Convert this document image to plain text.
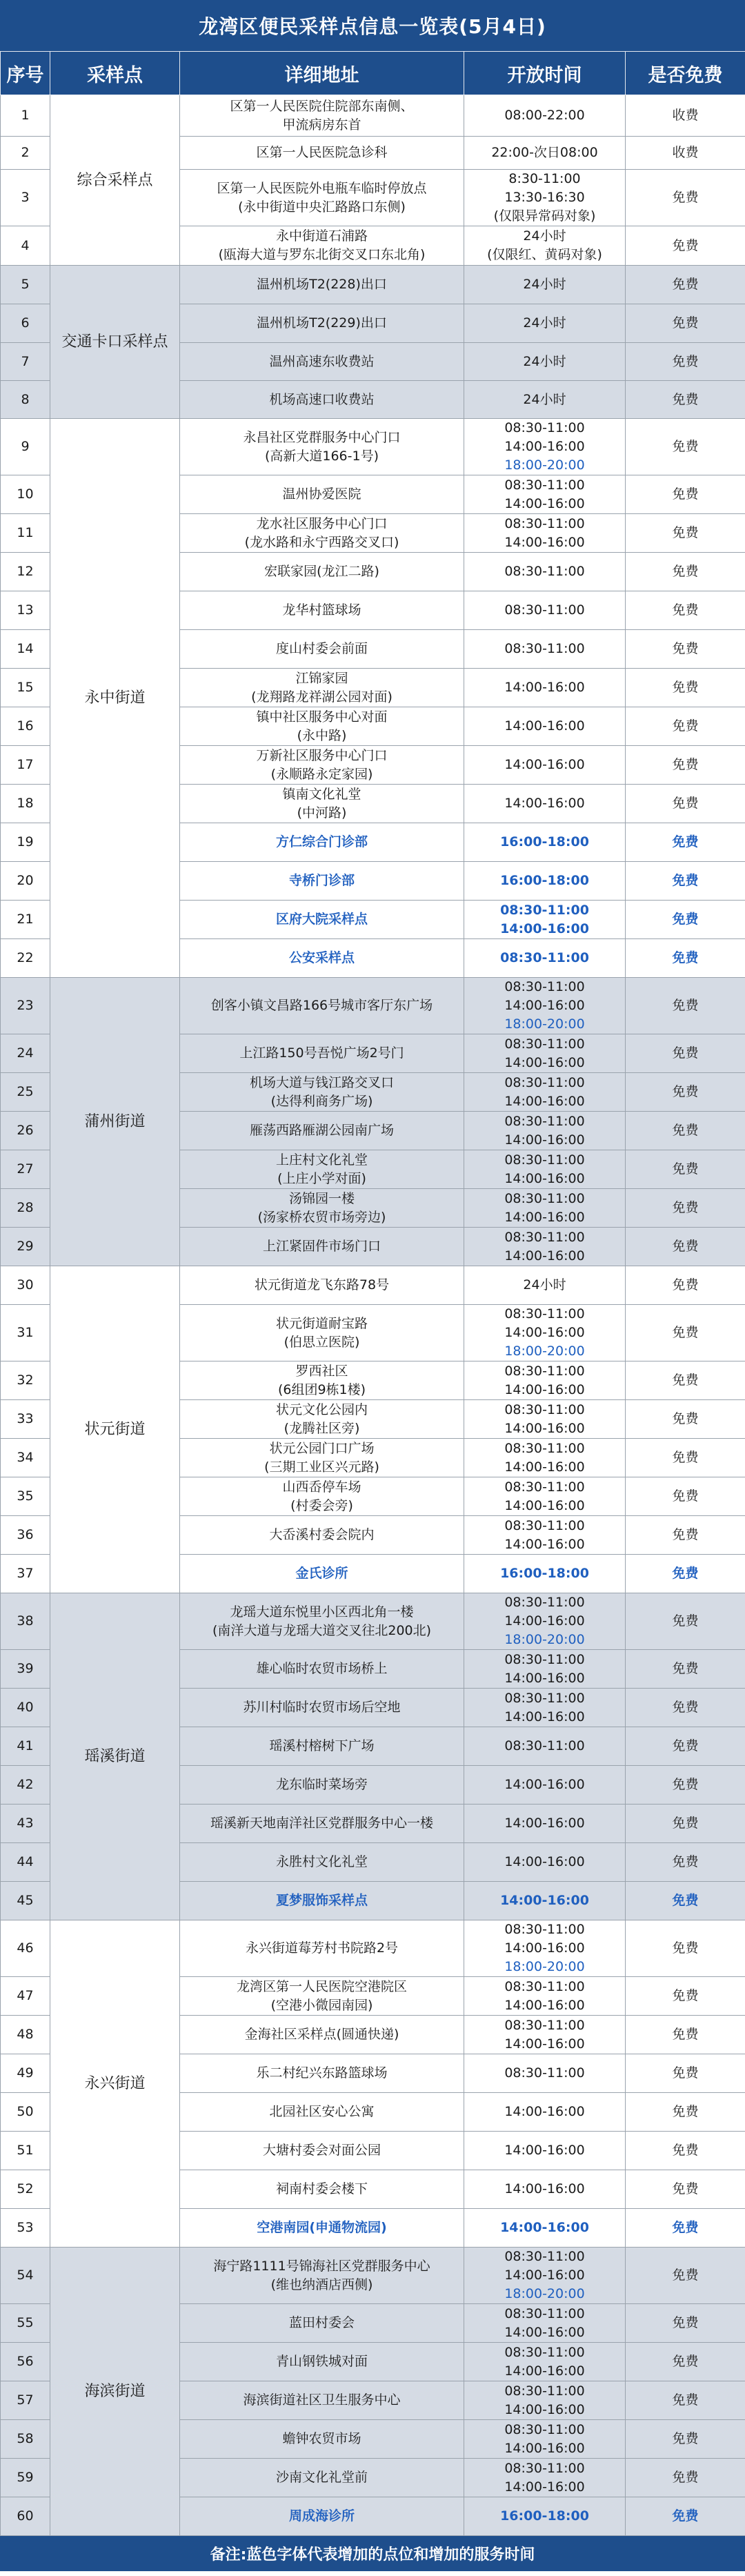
龙湾区便民采样点信息一览表(5月4日)
序号	采样点	详细地址	开放时间	是否免费
1	综合采样点	区第一人民医院住院部东南侧、
甲流病房东首	08:00-22:00	收费
2		区第一人民医院急诊科	22:00-次日08:00	收费
3		区第一人民医院外电瓶车临时停放点
(永中街道中央汇路路口东侧)	8:30-11:00
13:30-16:30
(仅限异常码对象)	免费
4		永中街道石浦路
(瓯海大道与罗东北街交叉口东北角)	24小时
(仅限红、黄码对象)	免费
5	交通卡口采样点	温州机场T2(228)出口	24小时	免费
6		温州机场T2(229)出口	24小时	免费
7		温州高速东收费站	24小时	免费
8		机场高速口收费站	24小时	免费
9	永中街道	永昌社区党群服务中心门口
(高新大道166-1号)	08:30-11:00
14:00-16:00
18:00-20:00	免费
10		温州协爱医院	08:30-11:00
14:00-16:00	免费
11		龙水社区服务中心门口
(龙水路和永宁西路交叉口)	08:30-11:00
14:00-16:00	免费
12		宏联家园(龙江二路)	08:30-11:00	免费
13		龙华村篮球场	08:30-11:00	免费
14		度山村委会前面	08:30-11:00	免费
15		江锦家园
(龙翔路龙祥湖公园对面)	14:00-16:00	免费
16		镇中社区服务中心对面
(永中路)	14:00-16:00	免费
17		万新社区服务中心门口
(永顺路永定家园)	14:00-16:00	免费
18		镇南文化礼堂
(中河路)	14:00-16:00	免费
19		方仁综合门诊部	16:00-18:00	免费
20		寺桥门诊部	16:00-18:00	免费
21		区府大院采样点	08:30-11:00
14:00-16:00	免费
22		公安采样点	08:30-11:00	免费
23	蒲州街道	创客小镇文昌路166号城市客厅东广场	08:30-11:00
14:00-16:00
18:00-20:00	免费
24		上江路150号吾悦广场2号门	08:30-11:00
14:00-16:00	免费
25		机场大道与钱江路交叉口
(达得利商务广场)	08:30-11:00
14:00-16:00	免费
26		雁荡西路雁湖公园南广场	08:30-11:00
14:00-16:00	免费
27		上庄村文化礼堂
(上庄小学对面)	08:30-11:00
14:00-16:00	免费
28		汤锦园一楼
(汤家桥农贸市场旁边)	08:30-11:00
14:00-16:00	免费
29		上江紧固件市场门口	08:30-11:00
14:00-16:00	免费
30	状元街道	状元街道龙飞东路78号	24小时	免费
31		状元街道耐宝路
(伯思立医院)	08:30-11:00
14:00-16:00
18:00-20:00	免费
32		罗西社区
(6组团9栋1楼)	08:30-11:00
14:00-16:00	免费
33		状元文化公园内
(龙腾社区旁)	08:30-11:00
14:00-16:00	免费
34		状元公园门口广场
(三期工业区兴元路)	08:30-11:00
14:00-16:00	免费
35		山西岙停车场
(村委会旁)	08:30-11:00
14:00-16:00	免费
36		大岙溪村委会院内	08:30-11:00
14:00-16:00	免费
37		金氏诊所	16:00-18:00	免费
38	瑶溪街道	龙瑶大道东悦里小区西北角一楼
(南洋大道与龙瑶大道交叉往北200北)	08:30-11:00
14:00-16:00
18:00-20:00	免费
39		雄心临时农贸市场桥上	08:30-11:00
14:00-16:00	免费
40		苏川村临时农贸市场后空地	08:30-11:00
14:00-16:00	免费
41		瑶溪村榕树下广场	08:30-11:00	免费
42		龙东临时菜场旁	14:00-16:00	免费
43		瑶溪新天地南洋社区党群服务中心一楼	14:00-16:00	免费
44		永胜村文化礼堂	14:00-16:00	免费
45		夏梦服饰采样点	14:00-16:00	免费
46	永兴街道	永兴街道莓芳村书院路2号	08:30-11:00
14:00-16:00
18:00-20:00	免费
47		龙湾区第一人民医院空港院区
(空港小微园南园)	08:30-11:00
14:00-16:00	免费
48		金海社区采样点(圆通快递)	08:30-11:00
14:00-16:00	免费
49		乐二村纪兴东路篮球场	08:30-11:00	免费
50		北园社区安心公寓	14:00-16:00	免费
51		大塘村委会对面公园	14:00-16:00	免费
52		祠南村委会楼下	14:00-16:00	免费
53		空港南园(申通物流园)	14:00-16:00	免费
54	海滨街道	海宁路1111号锦海社区党群服务中心
(维也纳酒店西侧)	08:30-11:00
14:00-16:00
18:00-20:00	免费
55		蓝田村委会	08:30-11:00
14:00-16:00	免费
56		青山钢铁城对面	08:30-11:00
14:00-16:00	免费
57		海滨街道社区卫生服务中心	08:30-11:00
14:00-16:00	免费
58		蟾钟农贸市场	08:30-11:00
14:00-16:00	免费
59		沙南文化礼堂前	08:30-11:00
14:00-16:00	免费
60		周成海诊所	16:00-18:00	免费
备注:蓝色字体代表增加的点位和增加的服务时间
